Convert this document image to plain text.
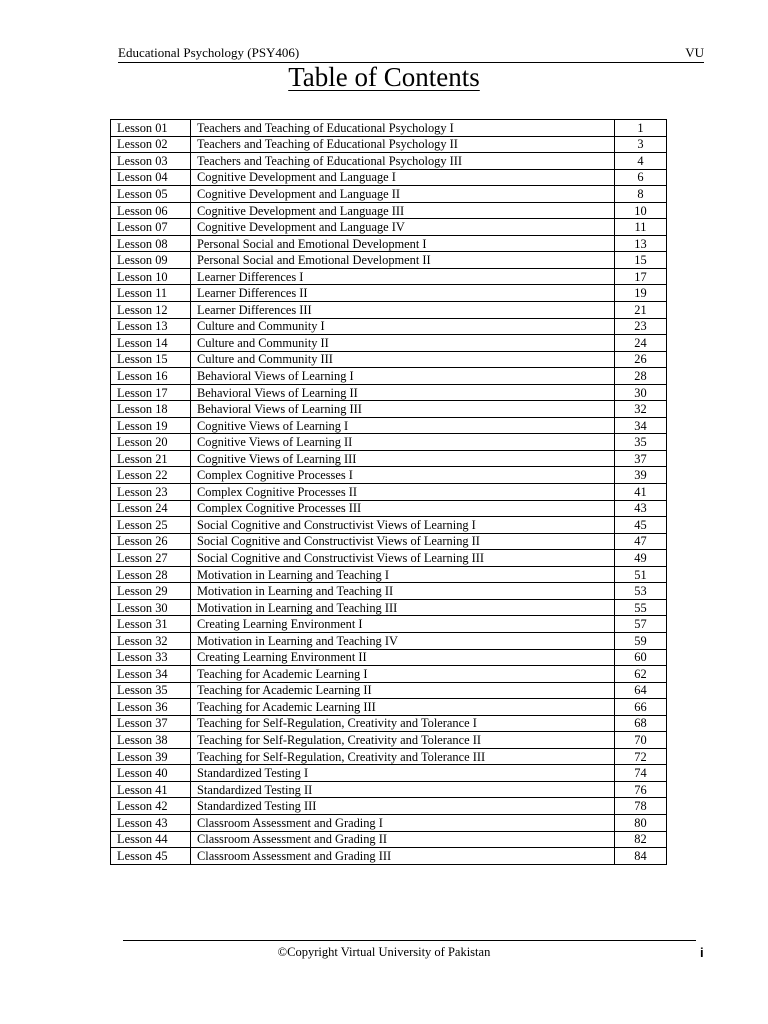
Educational Psychology (PSY406)	VU
Table of Contents
Lesson 01	Teachers and Teaching of Educational Psychology I	1
Lesson 02	Teachers and Teaching of Educational Psychology II	3
Lesson 03	Teachers and Teaching of Educational Psychology III	4
Lesson 04	Cognitive Development and Language I	6
Lesson 05	Cognitive Development and Language II	8
Lesson 06	Cognitive Development and Language III	10
Lesson 07	Cognitive Development and Language IV	11
Lesson 08	Personal Social and Emotional Development I	13
Lesson 09	Personal Social and Emotional Development II	15
Lesson 10	Learner Differences I	17
Lesson 11	Learner Differences II	19
Lesson 12	Learner Differences III	21
Lesson 13	Culture and Community I	23
Lesson 14	Culture and Community II	24
Lesson 15	Culture and Community III	26
Lesson 16	Behavioral Views of Learning I	28
Lesson 17	Behavioral Views of Learning II	30
Lesson 18	Behavioral Views of Learning III	32
Lesson 19	Cognitive Views of Learning I	34
Lesson 20	Cognitive Views of Learning II	35
Lesson 21	Cognitive Views of Learning III	37
Lesson 22	Complex Cognitive Processes I	39
Lesson 23	Complex Cognitive Processes II	41
Lesson 24	Complex Cognitive Processes III	43
Lesson 25	Social Cognitive and Constructivist Views of Learning I	45
Lesson 26	Social Cognitive and Constructivist Views of Learning II	47
Lesson 27	Social Cognitive and Constructivist Views of Learning III	49
Lesson 28	Motivation in Learning and Teaching I	51
Lesson 29	Motivation in Learning and Teaching II	53
Lesson 30	Motivation in Learning and Teaching III	55
Lesson 31	Creating Learning Environment I	57
Lesson 32	Motivation in Learning and Teaching IV	59
Lesson 33	Creating Learning Environment II	60
Lesson 34	Teaching for Academic Learning I	62
Lesson 35	Teaching for Academic Learning II	64
Lesson 36	Teaching for Academic Learning III	66
Lesson 37	Teaching for Self-Regulation, Creativity and Tolerance I	68
Lesson 38	Teaching for Self-Regulation, Creativity and Tolerance II	70
Lesson 39	Teaching for Self-Regulation, Creativity and Tolerance III	72
Lesson 40	Standardized Testing I	74
Lesson 41	Standardized Testing II	76
Lesson 42	Standardized Testing III	78
Lesson 43	Classroom Assessment and Grading I	80
Lesson 44	Classroom Assessment and Grading II	82
Lesson 45	Classroom Assessment and Grading III	84
©Copyright Virtual University of Pakistan	i
